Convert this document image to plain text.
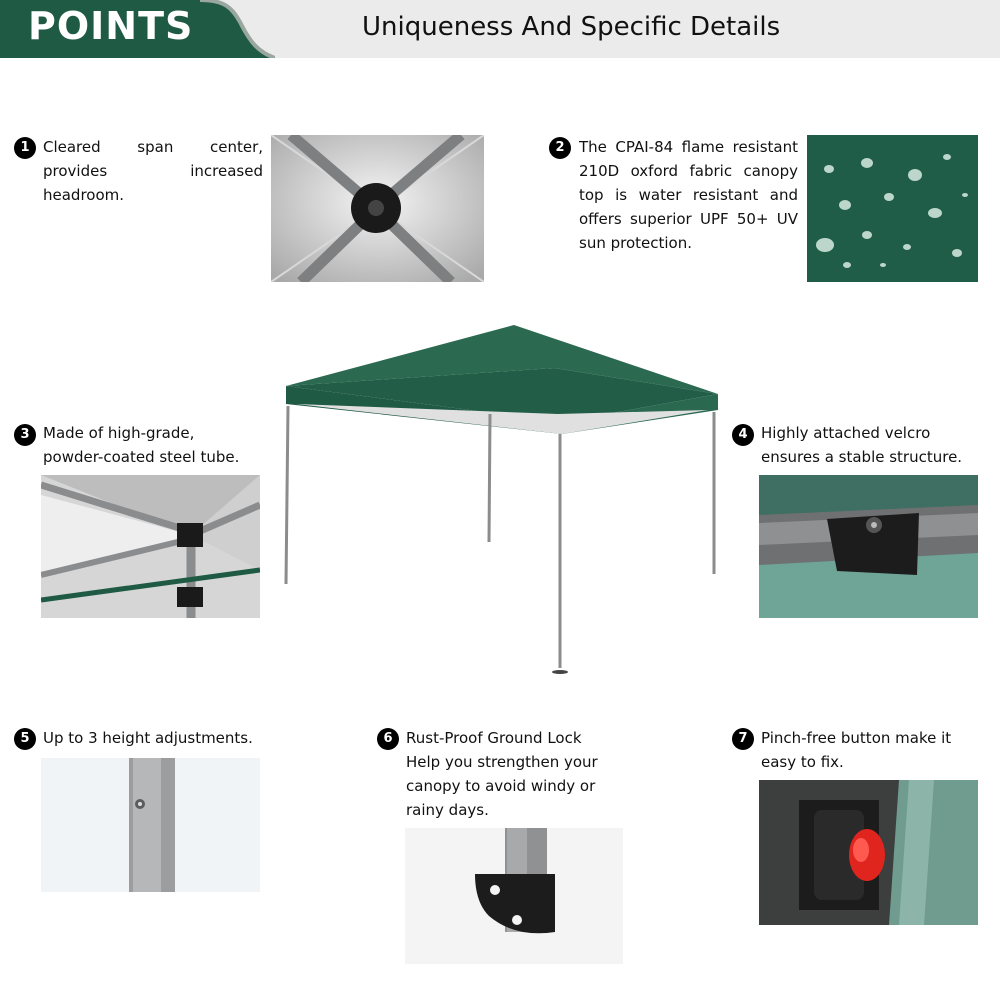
POINTS	Uniqueness And Specific Details
1 Cleared span center, provides increased headroom.
2 The CPAI-84 flame resistant 210D oxford fabric canopy top is water resistant and offers superior UPF 50+ UV sun protection.
3 Made of high-grade, powder-coated steel tube.
4 Highly attached velcro ensures a stable structure.
5 Up to 3 height adjustments.	6 Rust-Proof Ground Lock
Help you strengthen your canopy to avoid windy or rainy days.
7 Pinch-free button make it easy to fix.
